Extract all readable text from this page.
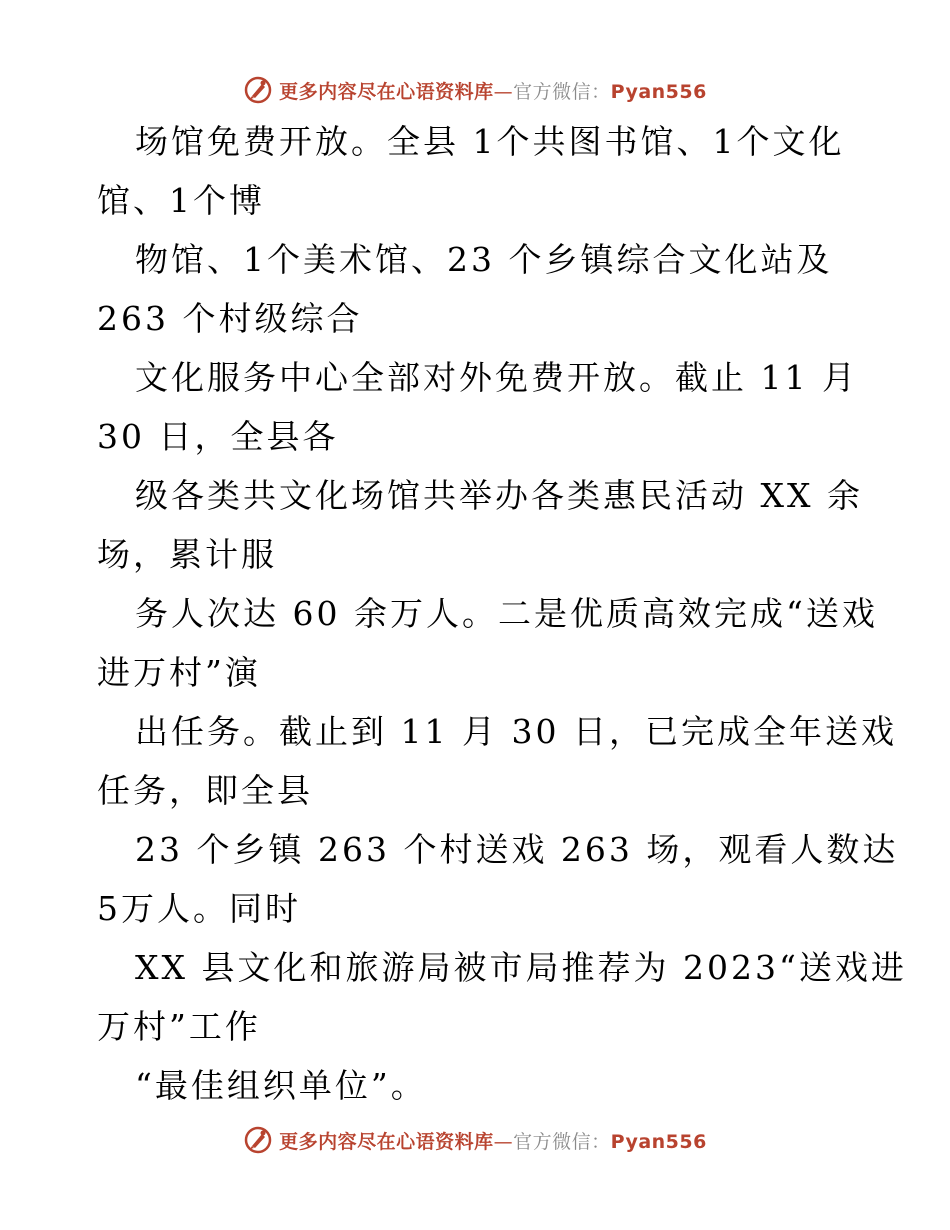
更多内容尽在心语资料库—官方微信：Pyan556
场馆免费开放。全县 1个共图书馆、1个文化
馆、1个博
物馆、1个美术馆、23 个乡镇综合文化站及
263 个村级综合
文化服务中心全部对外免费开放。截止 11 月
30 日，全县各
级各类共文化场馆共举办各类惠民活动 XX 余
场，累计服
务人次达 60 余万人。二是优质高效完成“送戏
进万村”演
出任务。截止到 11 月 30 日，已完成全年送戏
任务，即全县
23 个乡镇 263 个村送戏 263 场，观看人数达
5万人。同时
XX 县文化和旅游局被市局推荐为 2023“送戏进
万村”工作
“最佳组织单位”。
更多内容尽在心语资料库—官方微信：Pyan556
